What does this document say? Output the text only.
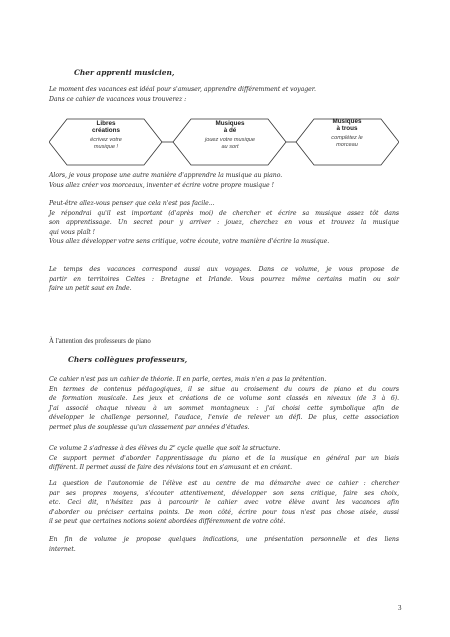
Cher apprenti musicien,
Le moment des vacances est idéal pour s'amuser, apprendre différemment et voyager.
Dans ce cahier de vacances vous trouverez :
Libres
créations
écrivez votre
musique !
Musiques
à dé
jouez votre musique
au sort
Musiques
à trous
complétez le
morceau
Alors, je vous propose une autre manière d'apprendre la musique au piano.
Vous allez créer vos morceaux, inventer et écrire votre propre musique !
Peut-être allez-vous penser que cela n'est pas facile...
Je répondrai qu'il est important (d'après moi) de chercher et écrire sa musique assez tôt dans
son apprentissage. Un secret pour y arriver : jouez, cherchez en vous et trouvez la musique
qui vous plaît !
Vous allez développer votre sens critique, votre écoute, votre manière d'écrire la musique.
Le temps des vacances correspond aussi aux voyages. Dans ce volume, je vous propose de
partir en territoires Celtes : Bretagne et Irlande. Vous pourrez même certains matin ou soir
faire un petit saut en Inde.
À l'attention des professeurs de piano
Chers collègues professeurs,
Ce cahier n'est pas un cahier de théorie. Il en parle, certes, mais n'en a pas la prétention.
En termes de contenus pédagogiques, il se situe au croisement du cours de piano et du cours
de formation musicale. Les jeux et créations de ce volume sont classés en niveaux (de 3 à 6).
J'ai associé chaque niveau à un sommet montagneux : j'ai choisi cette symbolique afin de
développer le challenge personnel, l'audace, l'envie de relever un défi. De plus, cette association
permet plus de souplesse qu'un classement par années d'études.
Ce volume 2 s'adresse à des élèves du 2e cycle quelle que soit la structure.
Ce support permet d'aborder l'apprentissage du piano et de la musique en général par un biais
différent. Il permet aussi de faire des révisions tout en s'amusant et en créant.
La question de l'autonomie de l'élève est au centre de ma démarche avec ce cahier : chercher
par ses propres moyens, s'écouter attentivement, développer son sens critique, faire ses choix,
etc. Ceci dit, n'hésitez pas à parcourir le cahier avec votre élève avant les vacances afin
d'aborder ou préciser certains points. De mon côté, écrire pour tous n'est pas chose aisée, aussi
il se peut que certaines notions soient abordées différemment de votre côté.
En fin de volume je propose quelques indications, une présentation personnelle et des liens
internet.
3
